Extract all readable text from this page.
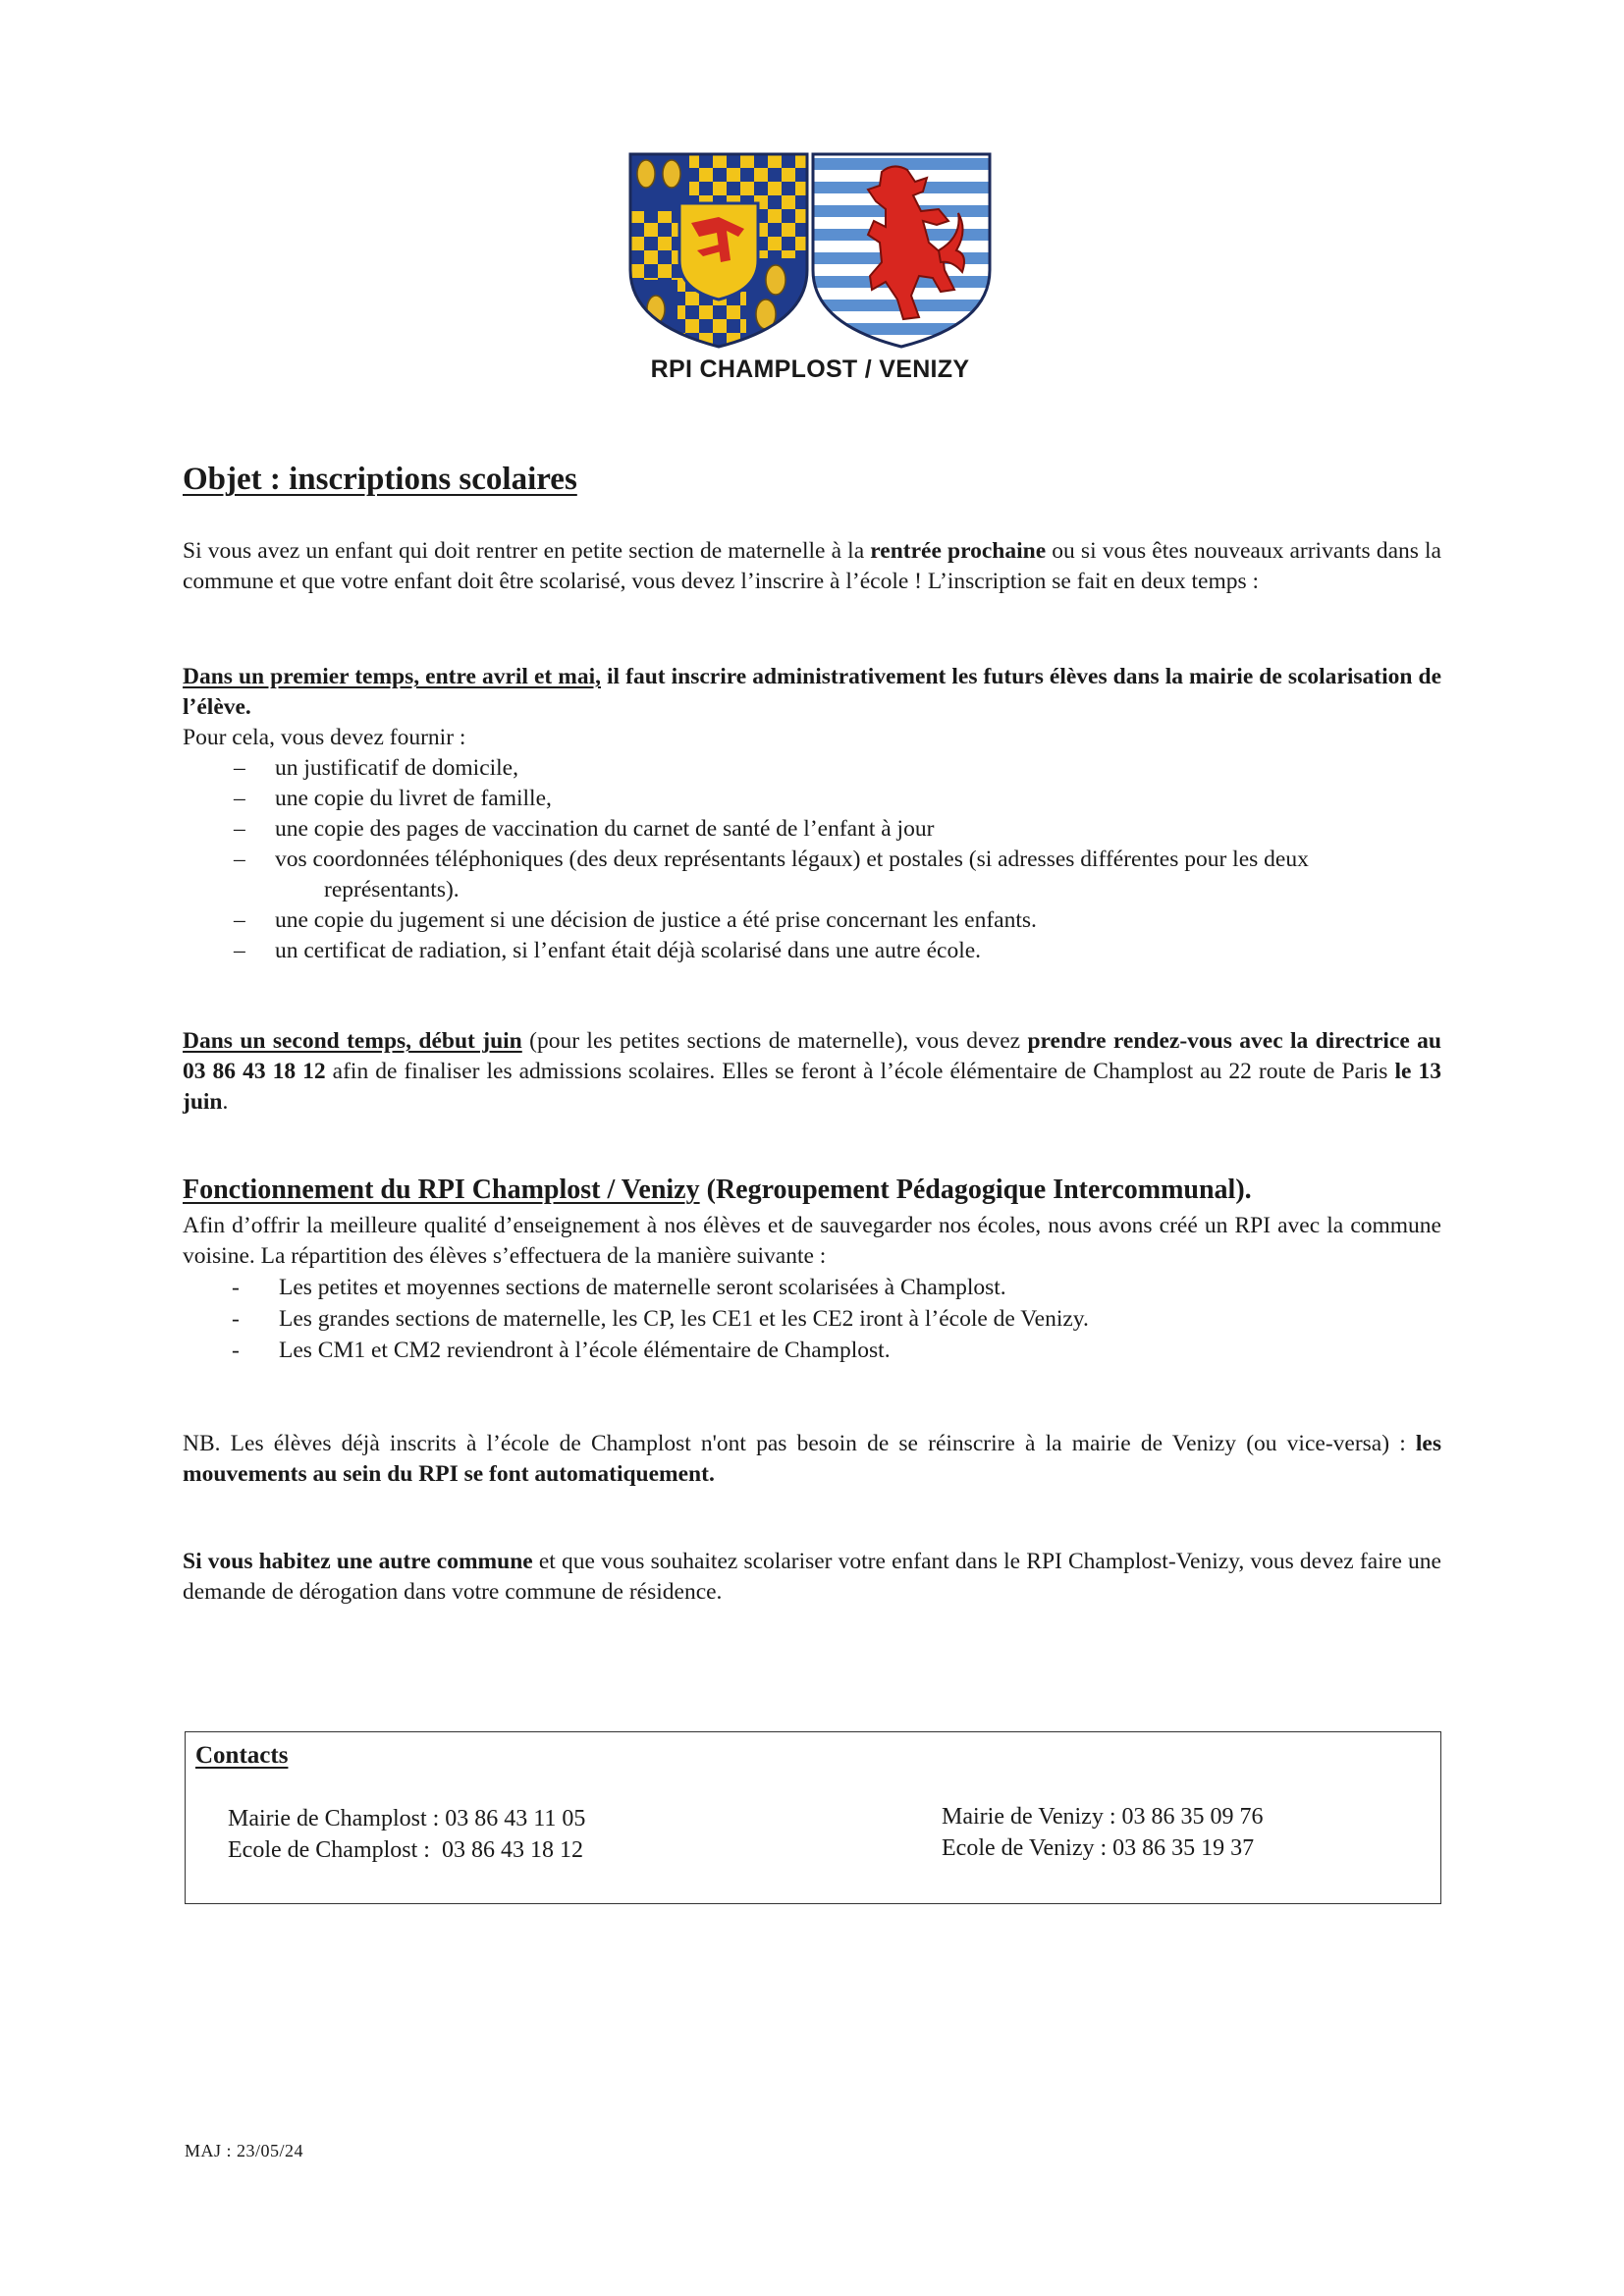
RPI CHAMPLOST / VENIZY
Objet : inscriptions scolaires
Si vous avez un enfant qui doit rentrer en petite section de maternelle à la rentrée prochaine ou si vous êtes nouveaux arrivants dans la commune et que votre enfant doit être scolarisé, vous devez l’inscrire à l’école ! L’inscription se fait en deux temps :
Dans un premier temps, entre avril et mai, il faut inscrire administrativement les futurs élèves dans la mairie de scolarisation de l’élève.
Pour cela, vous devez fournir :
– un justificatif de domicile,
– une copie du livret de famille,
– une copie des pages de vaccination du carnet de santé de l’enfant à jour
– vos coordonnées téléphoniques (des deux représentants légaux) et postales (si adresses différentes pour les deux représentants).
– une copie du jugement si une décision de justice a été prise concernant les enfants.
– un certificat de radiation, si l’enfant était déjà scolarisé dans une autre école.
Dans un second temps, début juin (pour les petites sections de maternelle), vous devez prendre rendez-vous avec la directrice au 03 86 43 18 12 afin de finaliser les admissions scolaires. Elles se feront à l’école élémentaire de Champlost au 22 route de Paris le 13 juin.
Fonctionnement du RPI Champlost / Venizy (Regroupement Pédagogique Intercommunal).
Afin d’offrir la meilleure qualité d’enseignement à nos élèves et de sauvegarder nos écoles, nous avons créé un RPI avec la commune voisine. La répartition des élèves s’effectuera de la manière suivante :
- Les petites et moyennes sections de maternelle seront scolarisées à Champlost.
- Les grandes sections de maternelle, les CP, les CE1 et les CE2 iront à l’école de Venizy.
- Les CM1 et CM2 reviendront à l’école élémentaire de Champlost.
NB. Les élèves déjà inscrits à l’école de Champlost n'ont pas besoin de se réinscrire à la mairie de Venizy (ou vice-versa) : les mouvements au sein du RPI se font automatiquement.
Si vous habitez une autre commune et que vous souhaitez scolariser votre enfant dans le RPI Champlost-Venizy, vous devez faire une demande de dérogation dans votre commune de résidence.
Contacts
Mairie de Champlost : 03 86 43 11 05
Ecole de Champlost :  03 86 43 18 12
Mairie de Venizy : 03 86 35 09 76
Ecole de Venizy : 03 86 35 19 37
MAJ : 23/05/24
